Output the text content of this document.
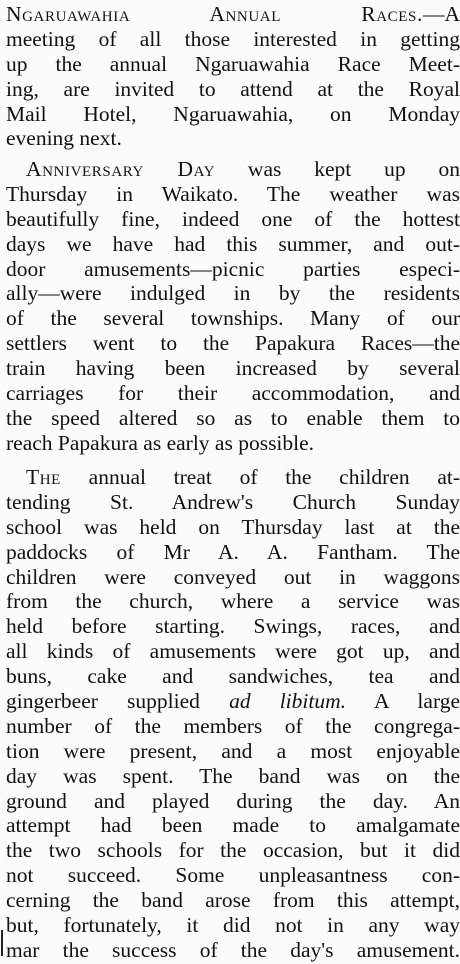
Ngaruawahia Annual Races.—A
meeting of all those interested in getting
up the annual Ngaruawahia Race Meet-
ing, are invited to attend at the Royal
Mail Hotel, Ngaruawahia, on Monday
evening next.
Anniversary Day was kept up on
Thursday in Waikato. The weather was
beautifully fine, indeed one of the hottest
days we have had this summer, and out-
door amusements—picnic parties especi-
ally—were indulged in by the residents
of the several townships. Many of our
settlers went to the Papakura Races—the
train having been increased by several
carriages for their accommodation, and
the speed altered so as to enable them to
reach Papakura as early as possible.
The annual treat of the children at-
tending St. Andrew's Church Sunday
school was held on Thursday last at the
paddocks of Mr A. A. Fantham. The
children were conveyed out in waggons
from the church, where a service was
held before starting. Swings, races, and
all kinds of amusements were got up, and
buns, cake and sandwiches, tea and
gingerbeer supplied ad libitum. A large
number of the members of the congrega-
tion were present, and a most enjoyable
day was spent. The band was on the
ground and played during the day. An
attempt had been made to amalgamate
the two schools for the occasion, but it did
not succeed. Some unpleasantness con-
cerning the band arose from this attempt,
but, fortunately, it did not in any way
mar the success of the day's amusement.
